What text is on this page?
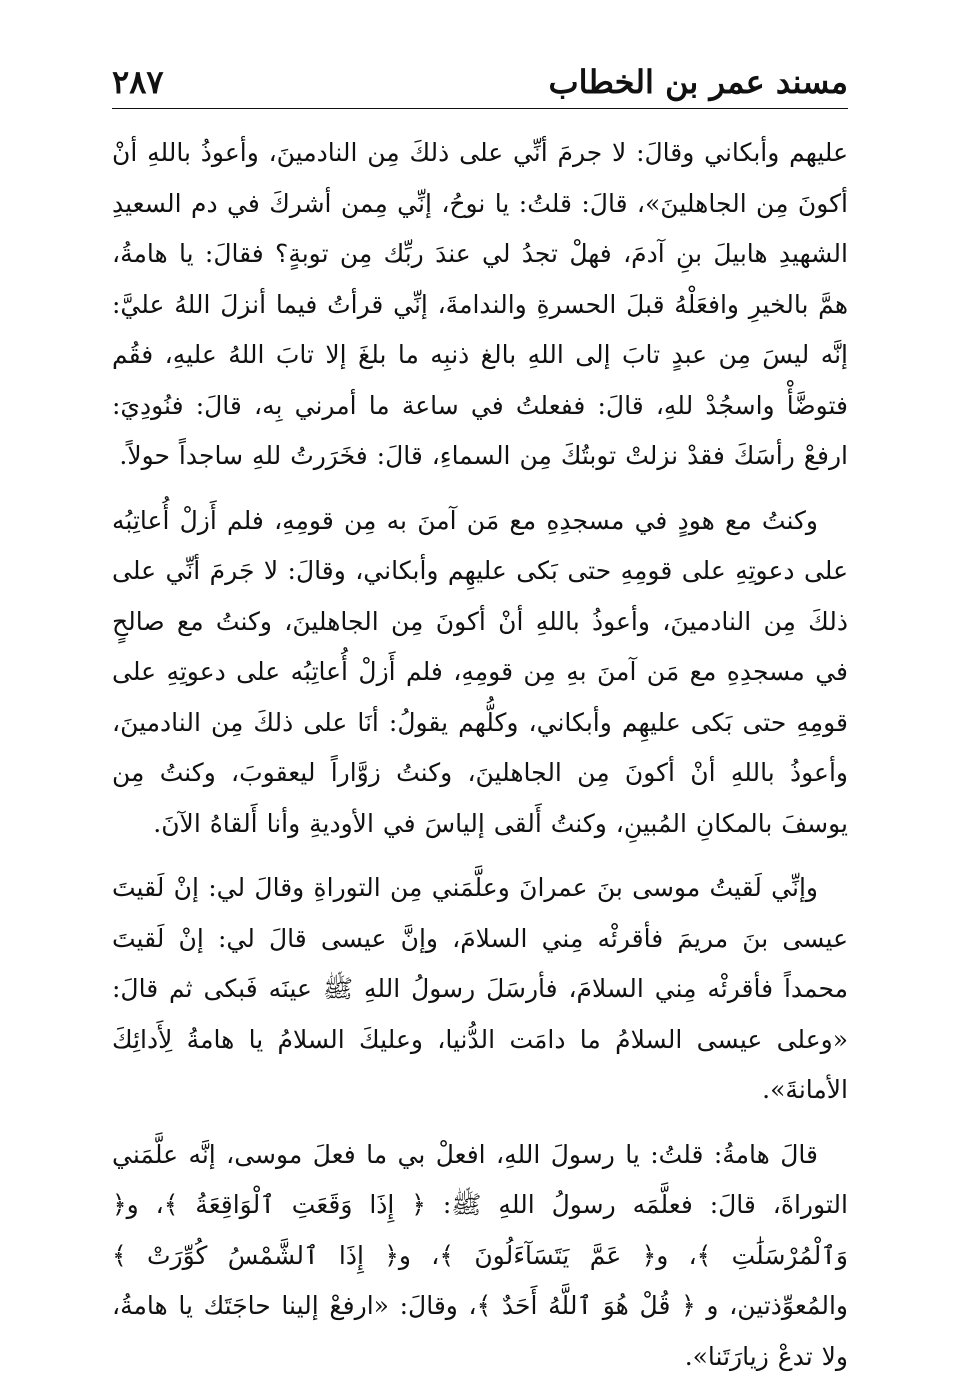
مسند عمر بن الخطاب
٢٨٧

عليهم وأبكاني وقالَ: لا جرمَ أنِّي على ذلكَ مِن النادمينَ، وأعوذُ باللهِ أنْ أكونَ مِن الجاهلينَ»، قالَ: قلتُ: يا نوحُ، إنِّي مِمن أشركَ في دم السعيدِ الشهيدِ هابيلَ بنِ آدمَ، فهلْ تجدُ لي عندَ ربِّك مِن توبةٍ؟ فقالَ: يا هامةُ، همَّ بالخيرِ وافعَلْهُ قبلَ الحسرةِ والندامةَ، إنِّي قرأتُ فيما أنزلَ اللهُ عليَّ: إنَّه ليسَ مِن عبدٍ تابَ إلى اللهِ بالغ ذنبِه ما بلغَ إلا تابَ اللهُ عليهِ، فقُم فتوضَّأْ واسجُدْ للهِ، قالَ: ففعلتُ في ساعة ما أمرني بِه، قالَ: فنُودِيَ: ارفعْ رأسَكَ فقدْ نزلتْ توبتُكَ مِن السماءِ، قالَ: فخَرَرتُ للهِ ساجداً حولاً.

وكنتُ مع هودٍ في مسجدِهِ مع مَن آمنَ به مِن قومِهِ، فلم أَزلْ أُعاتِبُه على دعوتِهِ على قومِهِ حتى بَكى عليهِم وأبكاني، وقالَ: لا جَرمَ أنِّي على ذلكَ مِن النادمينَ، وأعوذُ باللهِ أنْ أكونَ مِن الجاهلينَ، وكنتُ مع صالحٍ في مسجدِهِ مع مَن آمنَ بهِ مِن قومِهِ، فلم أَزلْ أُعاتِبُه على دعوتِهِ على قومِهِ حتى بَكى عليهِم وأبكاني، وكلُّهم يقولُ: أنَا على ذلكَ مِن النادمينَ، وأعوذُ باللهِ أنْ أكونَ مِن الجاهلينَ، وكنتُ زوَّاراً ليعقوبَ، وكنتُ مِن يوسفَ بالمكانِ المُبينِ، وكنتُ أَلقى إلياسَ في الأوديةِ وأنا أَلقاهُ الآنَ.

وإنِّي لَقيتُ موسى بنَ عمرانَ وعلَّمَني مِن التوراةِ وقالَ لي: إنْ لَقيتَ عيسى بنَ مريمَ فأقرئْه مِني السلامَ، وإنَّ عيسى قالَ لي: إنْ لَقيتَ محمداً فأقرئْه مِني السلامَ، فأرسَلَ رسولُ اللهِ ﷺ عينَه فَبكى ثم قالَ: «وعلى عيسى السلامُ ما دامَت الدُّنيا، وعليكَ السلامُ يا هامةُ لِأَدائِكَ الأمانةَ».

قالَ هامةُ: قلتُ: يا رسولَ اللهِ، افعلْ بي ما فعلَ موسى، إنَّه علَّمَني التوراةَ، قالَ: فعلَّمَه رسولُ اللهِ ﷺ: ﴿ إِذَا وَقَعَتِ ٱلْوَاقِعَةُ ﴾، و﴿ وَٱلْمُرْسَلَٰتِ ﴾، و﴿ عَمَّ يَتَسَآءَلُونَ ﴾، و﴿ إِذَا ٱلشَّمْسُ كُوِّرَتْ ﴾ والمُعوِّذتين، و ﴿ قُلْ هُوَ ٱللَّهُ أَحَدٌ ﴾، وقالَ: «ارفعْ إلينا حاجَتَك يا هامةُ، ولا تدعْ زيارَتَنا».
